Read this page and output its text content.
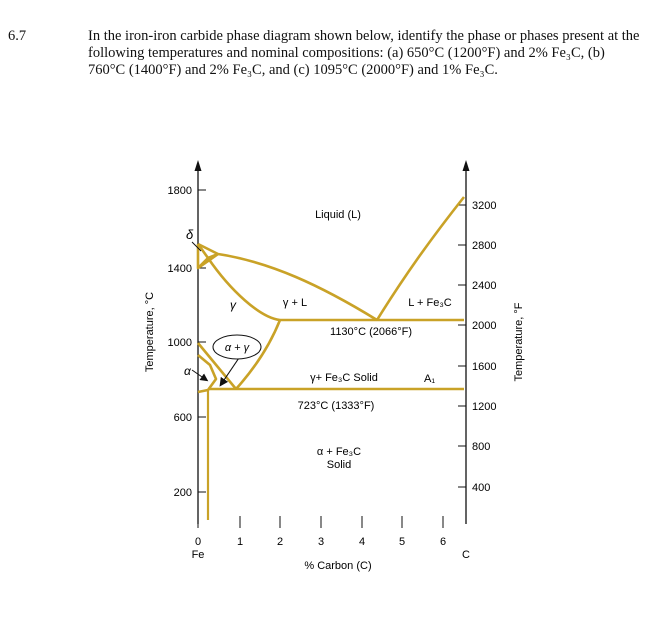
6.7	In the iron-iron carbide phase diagram shown below, identify the phase or phases present at the following temperatures and nominal compositions: (a) 650°C (1200°F) and 2% Fe₃C, (b) 760°C (1400°F) and 2% Fe₃C, and (c) 1095°C (2000°F) and 1% Fe₃C.
1800
1400
1000
600
200
Temperature, °C
3200
2800
2400
2000
1600
1200
800
400
Temperature, °F
0	1	2	3	4	5	6
Fe	C
% Carbon (C)
Liquid (L)
δ
γ	γ + L	L + Fe₃C
α + γ
α	γ+ Fe₃C Solid
α + Fe₃C
Solid
1130°C (2066°F)
723°C (1333°F)
A₁
